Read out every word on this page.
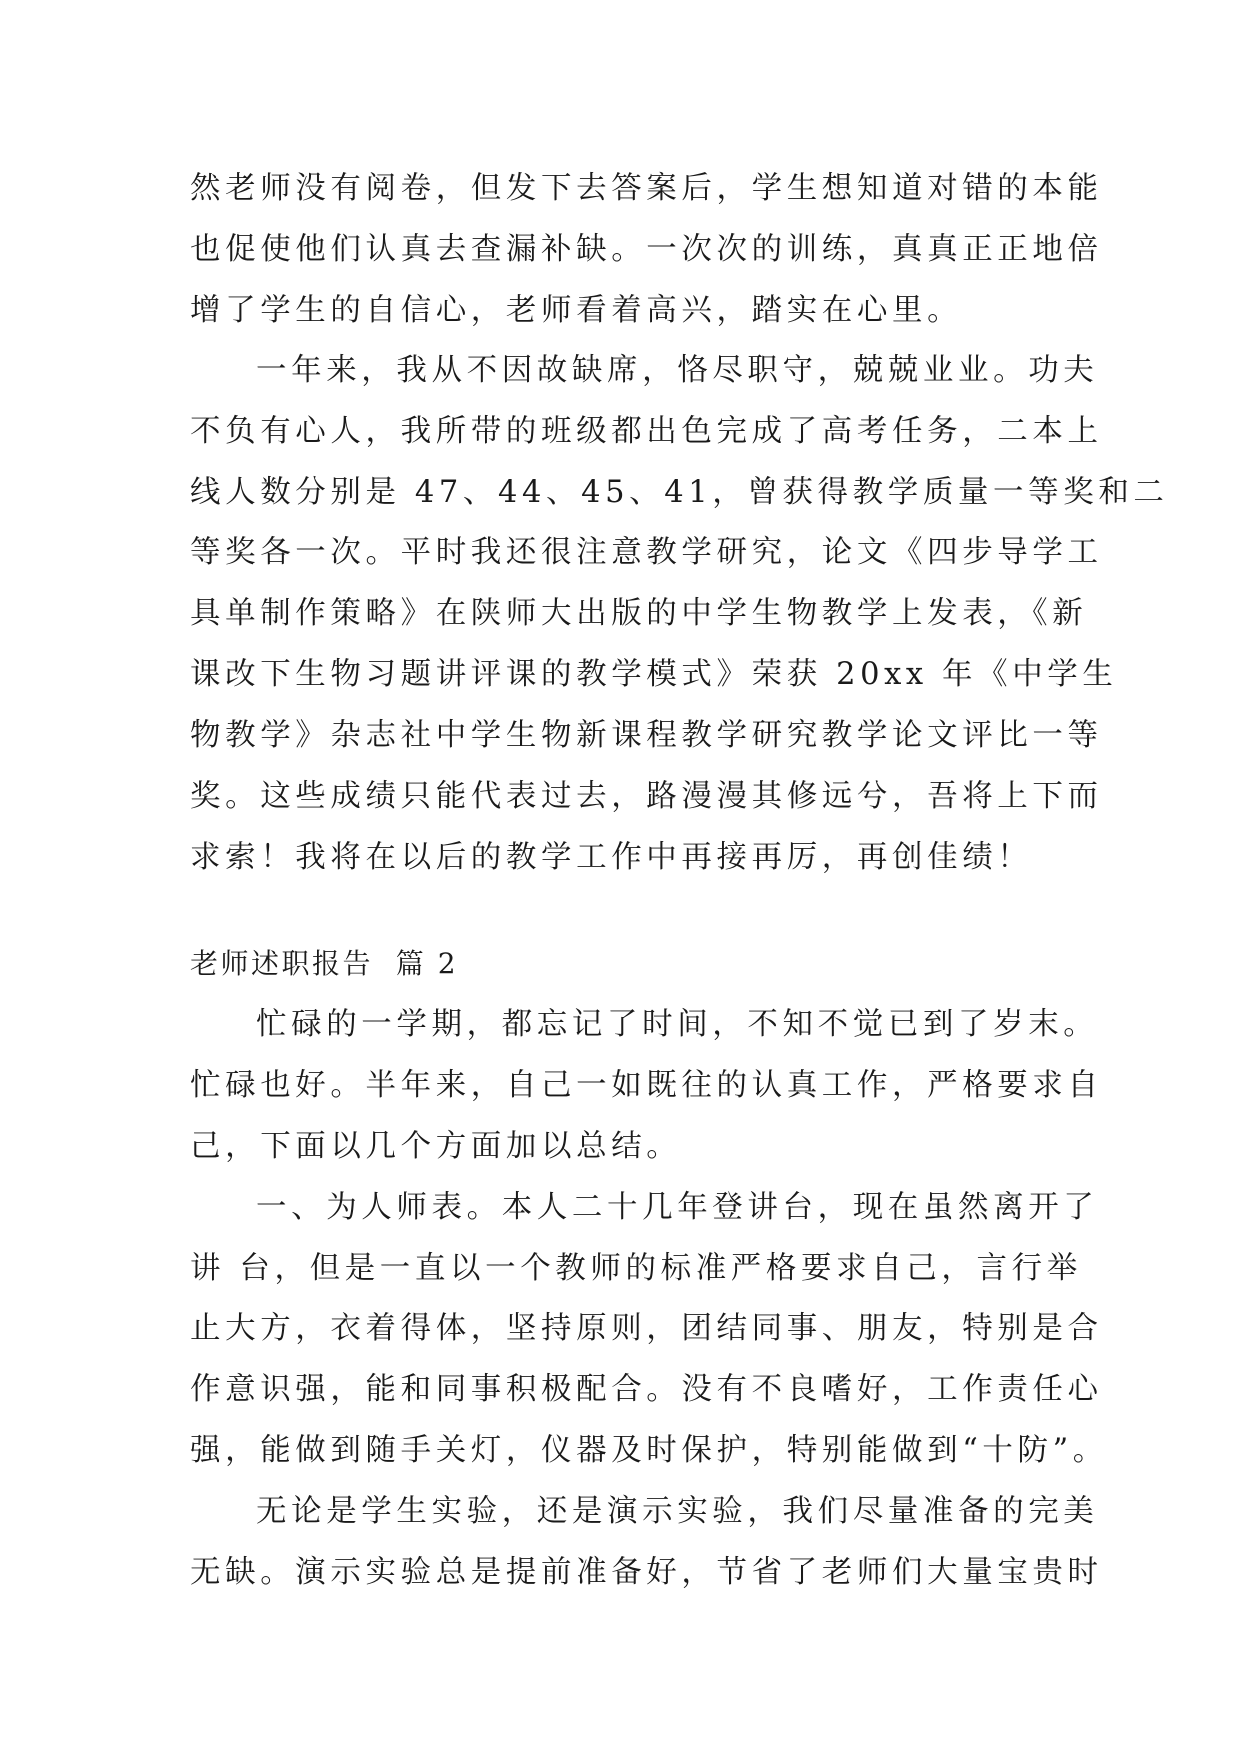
然老师没有阅卷，但发下去答案后，学生想知道对错的本能
也促使他们认真去查漏补缺。一次次的训练，真真正正地倍
增了学生的自信心，老师看着高兴，踏实在心里。
一年来，我从不因故缺席，恪尽职守，兢兢业业。功夫
不负有心人，我所带的班级都出色完成了高考任务，二本上
线人数分别是 47、44、45、41，曾获得教学质量一等奖和二
等奖各一次。平时我还很注意教学研究，论文《四步导学工
具单制作策略》在陕师大出版的中学生物教学上发表，《新
课改下生物习题讲评课的教学模式》荣获 20xx 年《中学生
物教学》杂志社中学生物新课程教学研究教学论文评比一等
奖。这些成绩只能代表过去，路漫漫其修远兮，吾将上下而
求索！我将在以后的教学工作中再接再厉，再创佳绩！
老师述职报告  篇 2
忙碌的一学期，都忘记了时间，不知不觉已到了岁末。
忙碌也好。半年来，自己一如既往的认真工作，严格要求自
己，下面以几个方面加以总结。
一、为人师表。本人二十几年登讲台，现在虽然离开了
讲 台，但是一直以一个教师的标准严格要求自己，言行举
止大方，衣着得体，坚持原则，团结同事、朋友，特别是合
作意识强，能和同事积极配合。没有不良嗜好，工作责任心
强，能做到随手关灯，仪器及时保护，特别能做到“十防”。
无论是学生实验，还是演示实验，我们尽量准备的完美
无缺。演示实验总是提前准备好，节省了老师们大量宝贵时
